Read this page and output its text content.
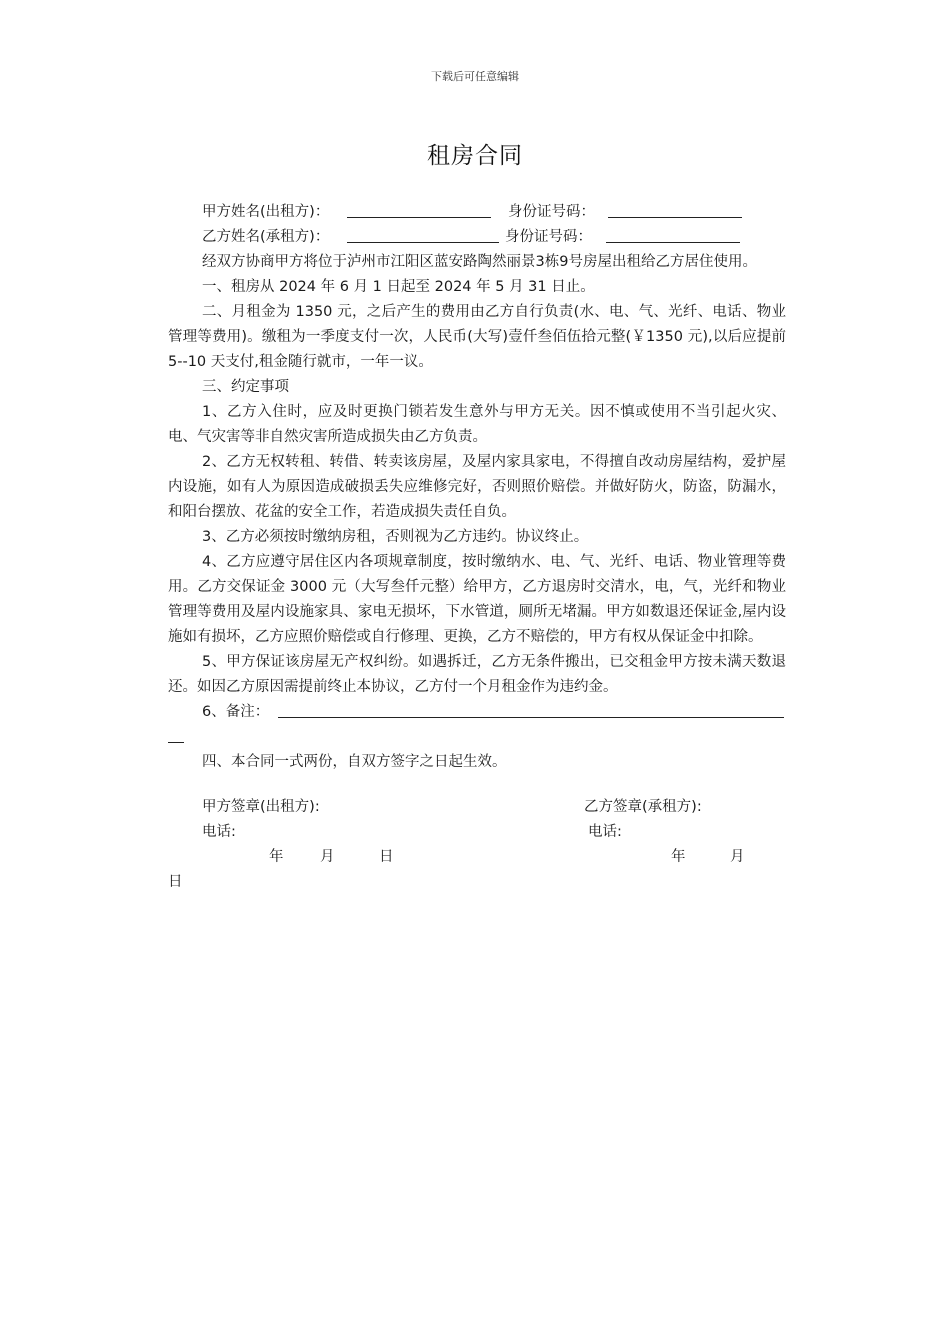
下载后可任意编辑
租房合同
甲方姓名(出租方)：	身份证号码：
乙方姓名(承租方)：	身份证号码：

经双方协商甲方将位于泸州市江阳区蓝安路陶然丽景3栋9号房屋出租给乙方居住使用。

一、租房从 2024 年 6 月 1 日起至 2024 年 5 月 31 日止。

二、月租金为 1350 元，之后产生的费用由乙方自行负责(水、电、气、光纤、电话、物业管理等费用)。缴租为一季度支付一次，人民币(大写)壹仟叁佰伍拾元整(￥1350 元),以后应提前 5--10 天支付,租金随行就市，一年一议。

三、约定事项

1、乙方入住时，应及时更换门锁若发生意外与甲方无关。因不慎或使用不当引起火灾、电、气灾害等非自然灾害所造成损失由乙方负责。

2、乙方无权转租、转借、转卖该房屋，及屋内家具家电，不得擅自改动房屋结构，爱护屋内设施，如有人为原因造成破损丢失应维修完好，否则照价赔偿。并做好防火，防盗，防漏水，和阳台摆放、花盆的安全工作，若造成损失责任自负。

3、乙方必须按时缴纳房租，否则视为乙方违约。协议终止。

4、乙方应遵守居住区内各项规章制度，按时缴纳水、电、气、光纤、电话、物业管理等费用。乙方交保证金 3000 元（大写叁仟元整）给甲方，乙方退房时交清水，电，气，光纤和物业管理等费用及屋内设施家具、家电无损坏，下水管道，厕所无堵漏。甲方如数退还保证金,屋内设施如有损坏，乙方应照价赔偿或自行修理、更换，乙方不赔偿的，甲方有权从保证金中扣除。

5、甲方保证该房屋无产权纠纷。如遇拆迁，乙方无条件搬出，已交租金甲方按未满天数退还。如因乙方原因需提前终止本协议，乙方付一个月租金作为违约金。

6、备注：

四、本合同一式两份，自双方签字之日起生效。

甲方签章(出租方):	乙方签章(承租方):
电话:	电话:
年	月	日	年	月
日
